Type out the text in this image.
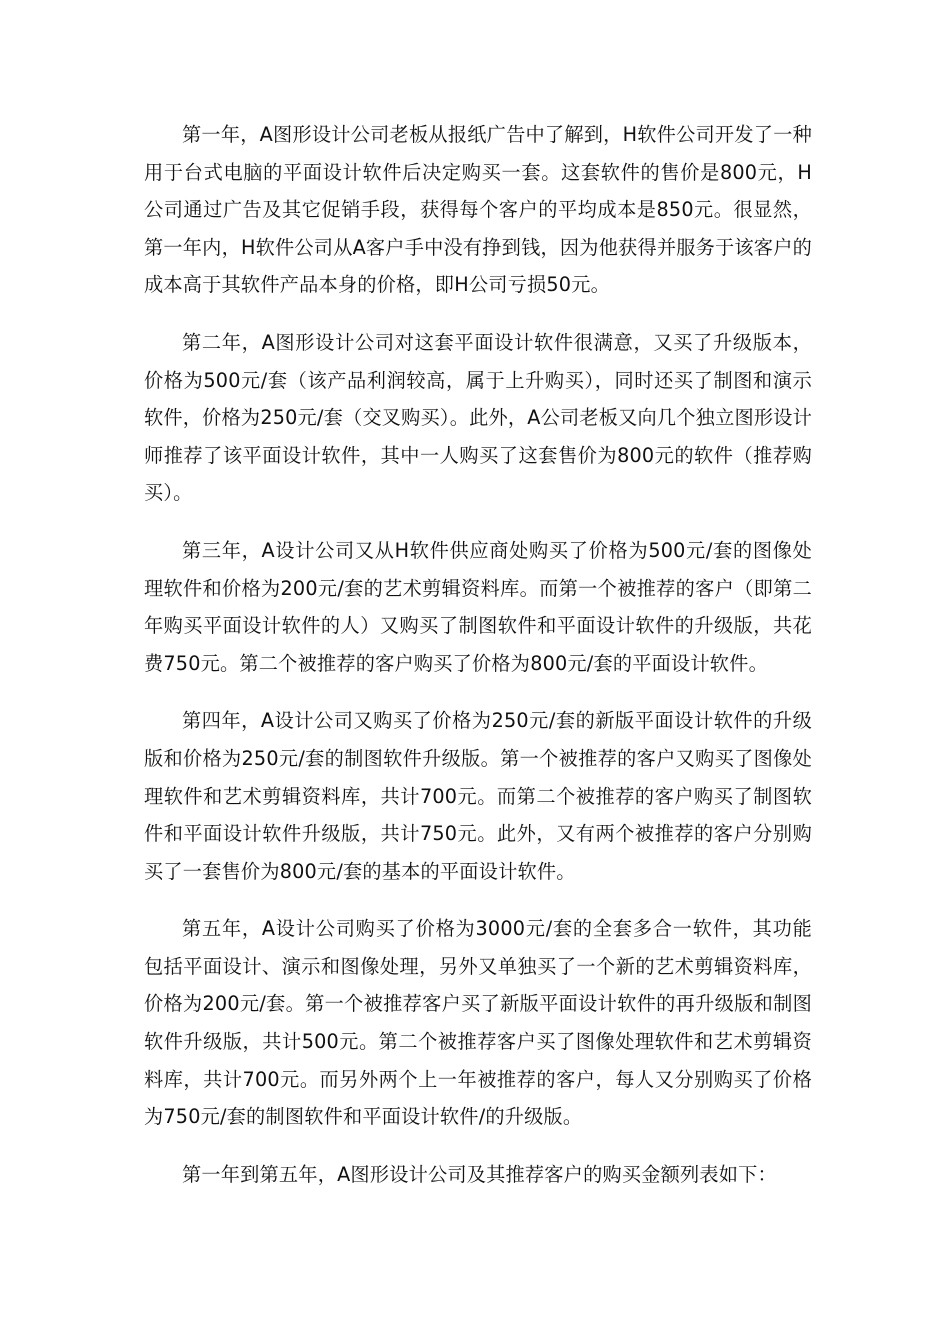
第一年，A图形设计公司老板从报纸广告中了解到，H软件公司开发了一种用于台式电脑的平面设计软件后决定购买一套。这套软件的售价是800元，H公司通过广告及其它促销手段，获得每个客户的平均成本是850元。很显然，第一年内，H软件公司从A客户手中没有挣到钱，因为他获得并服务于该客户的成本高于其软件产品本身的价格，即H公司亏损50元。

第二年，A图形设计公司对这套平面设计软件很满意，又买了升级版本，价格为500元/套（该产品利润较高，属于上升购买），同时还买了制图和演示软件，价格为250元/套（交叉购买）。此外，A公司老板又向几个独立图形设计师推荐了该平面设计软件，其中一人购买了这套售价为800元的软件（推荐购买）。

第三年，A设计公司又从H软件供应商处购买了价格为500元/套的图像处理软件和价格为200元/套的艺术剪辑资料库。而第一个被推荐的客户（即第二年购买平面设计软件的人）又购买了制图软件和平面设计软件的升级版，共花费750元。第二个被推荐的客户购买了价格为800元/套的平面设计软件。

第四年，A设计公司又购买了价格为250元/套的新版平面设计软件的升级版和价格为250元/套的制图软件升级版。第一个被推荐的客户又购买了图像处理软件和艺术剪辑资料库，共计700元。而第二个被推荐的客户购买了制图软件和平面设计软件升级版，共计750元。此外，又有两个被推荐的客户分别购买了一套售价为800元/套的基本的平面设计软件。

第五年，A设计公司购买了价格为3000元/套的全套多合一软件，其功能包括平面设计、演示和图像处理，另外又单独买了一个新的艺术剪辑资料库，价格为200元/套。第一个被推荐客户买了新版平面设计软件的再升级版和制图软件升级版，共计500元。第二个被推荐客户买了图像处理软件和艺术剪辑资料库，共计700元。而另外两个上一年被推荐的客户，每人又分别购买了价格为750元/套的制图软件和平面设计软件/的升级版。

第一年到第五年，A图形设计公司及其推荐客户的购买金额列表如下：
